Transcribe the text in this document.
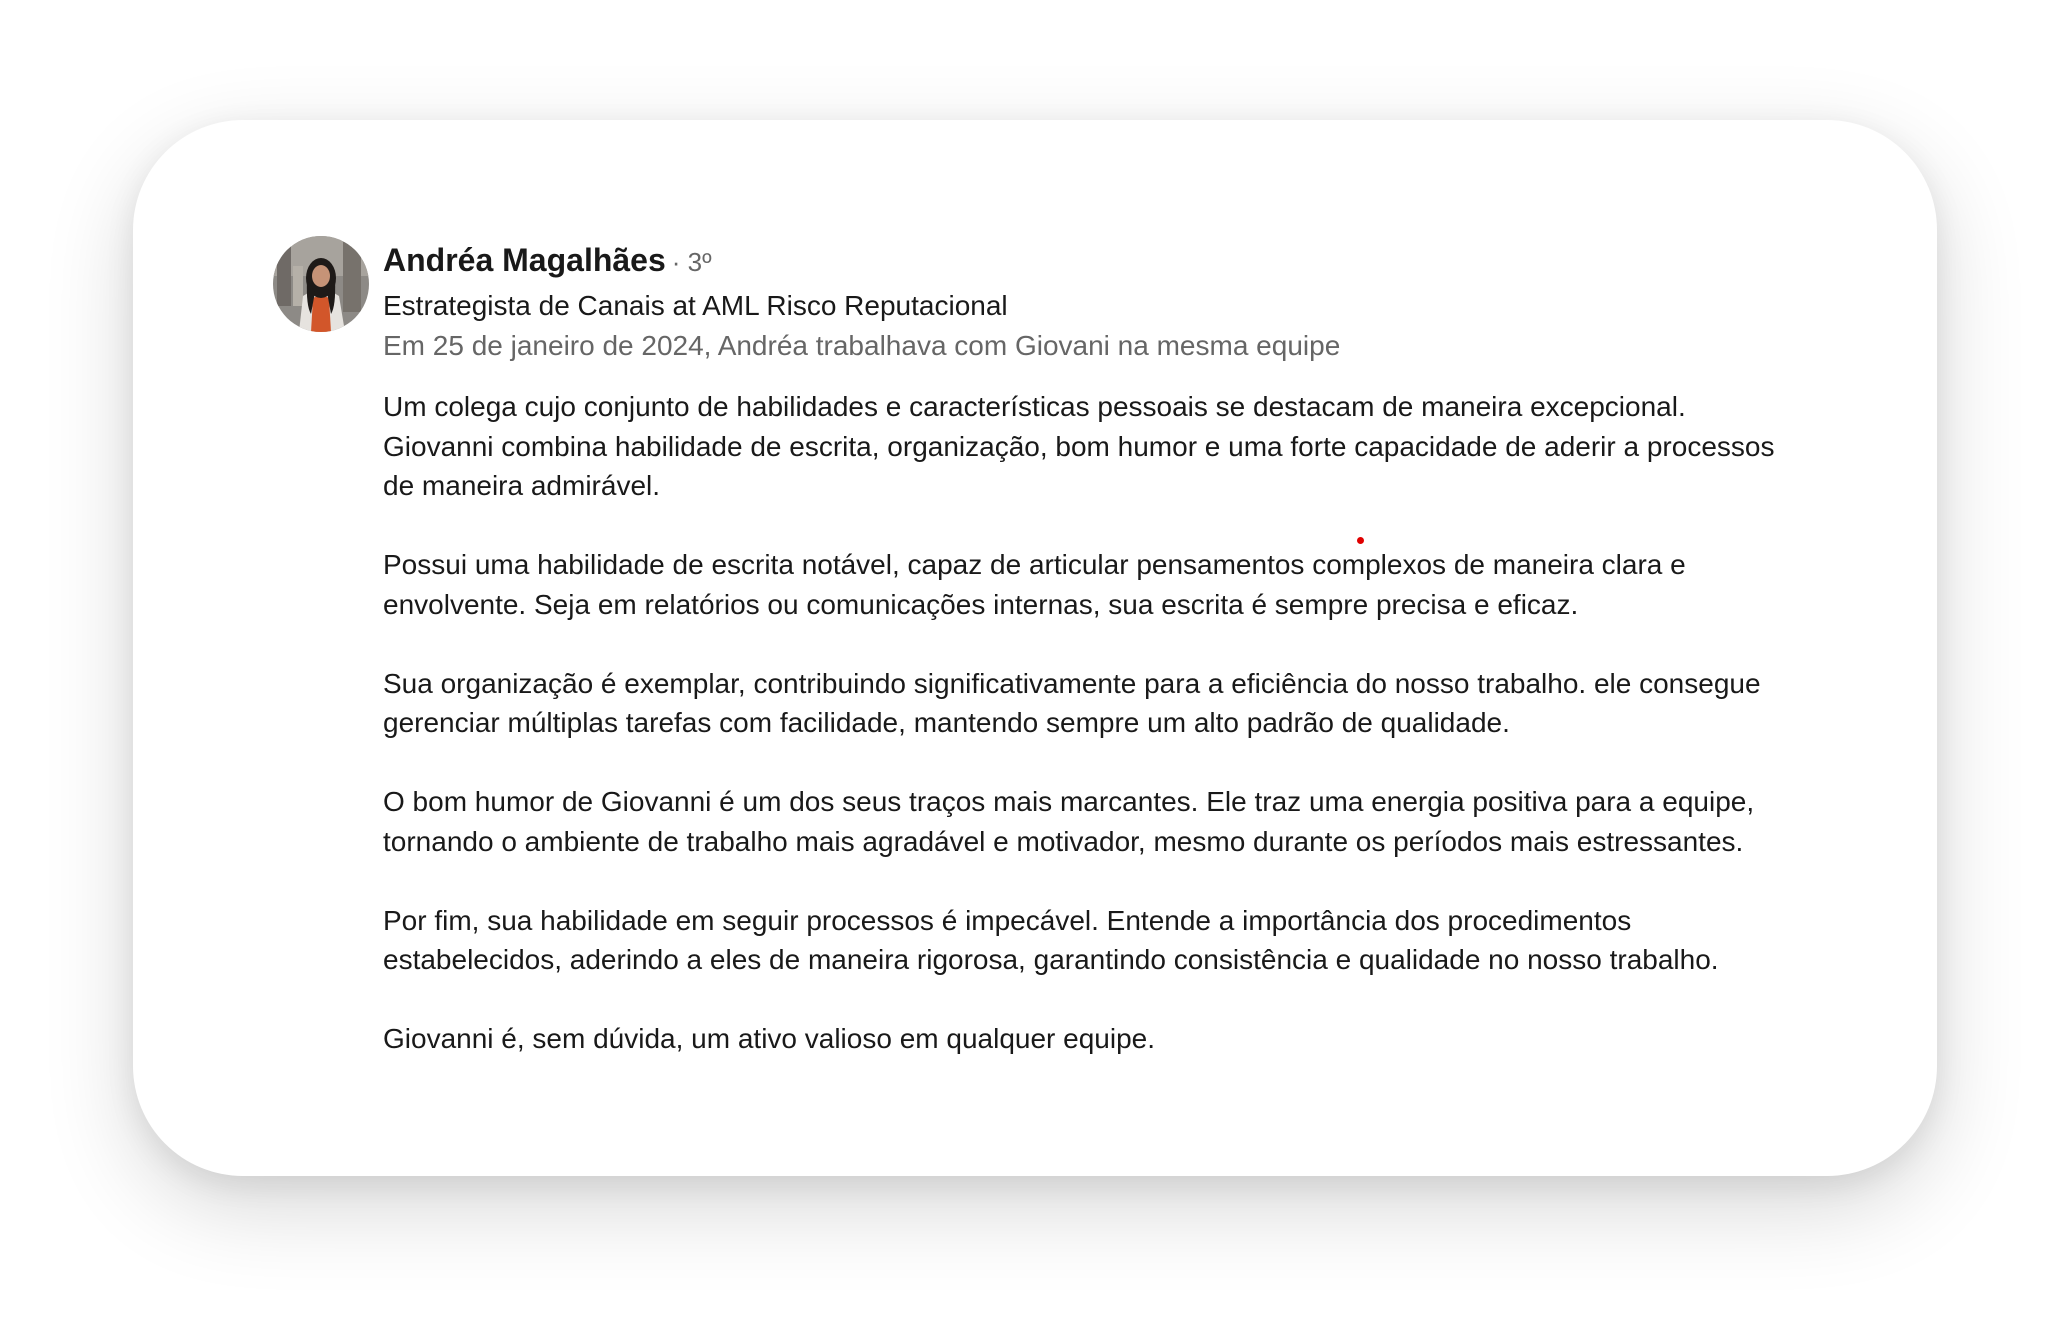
Andréa Magalhães · 3º
Estrategista de Canais at AML Risco Reputacional
Em 25 de janeiro de 2024, Andréa trabalhava com Giovani na mesma equipe

Um colega cujo conjunto de habilidades e características pessoais se destacam de maneira excepcional. Giovanni combina habilidade de escrita, organização, bom humor e uma forte capacidade de aderir a processos de maneira admirável.

Possui uma habilidade de escrita notável, capaz de articular pensamentos complexos de maneira clara e envolvente. Seja em relatórios ou comunicações internas, sua escrita é sempre precisa e eficaz.

Sua organização é exemplar, contribuindo significativamente para a eficiência do nosso trabalho. ele consegue gerenciar múltiplas tarefas com facilidade, mantendo sempre um alto padrão de qualidade.

O bom humor de Giovanni é um dos seus traços mais marcantes. Ele traz uma energia positiva para a equipe, tornando o ambiente de trabalho mais agradável e motivador, mesmo durante os períodos mais estressantes.

Por fim, sua habilidade em seguir processos é impecável. Entende a importância dos procedimentos estabelecidos, aderindo a eles de maneira rigorosa, garantindo consistência e qualidade no nosso trabalho.

Giovanni é, sem dúvida, um ativo valioso em qualquer equipe.
